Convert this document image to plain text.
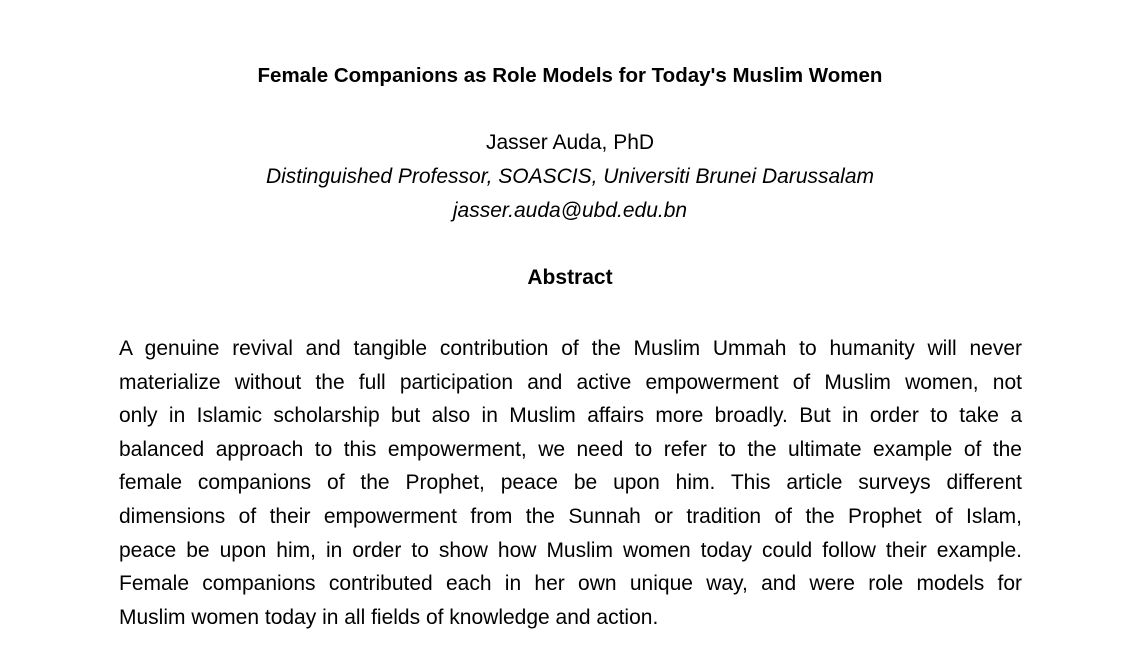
Female Companions as Role Models for Today's Muslim Women
Jasser Auda, PhD
Distinguished Professor, SOASCIS, Universiti Brunei Darussalam
jasser.auda@ubd.edu.bn
Abstract
A genuine revival and tangible contribution of the Muslim Ummah to humanity will never
materialize without the full participation and active empowerment of Muslim women, not
only in Islamic scholarship but also in Muslim affairs more broadly. But in order to take a
balanced approach to this empowerment, we need to refer to the ultimate example of the
female companions of the Prophet, peace be upon him. This article surveys different
dimensions of their empowerment from the Sunnah or tradition of the Prophet of Islam,
peace be upon him, in order to show how Muslim women today could follow their example.
Female companions contributed each in her own unique way, and were role models for
Muslim women today in all fields of knowledge and action.
